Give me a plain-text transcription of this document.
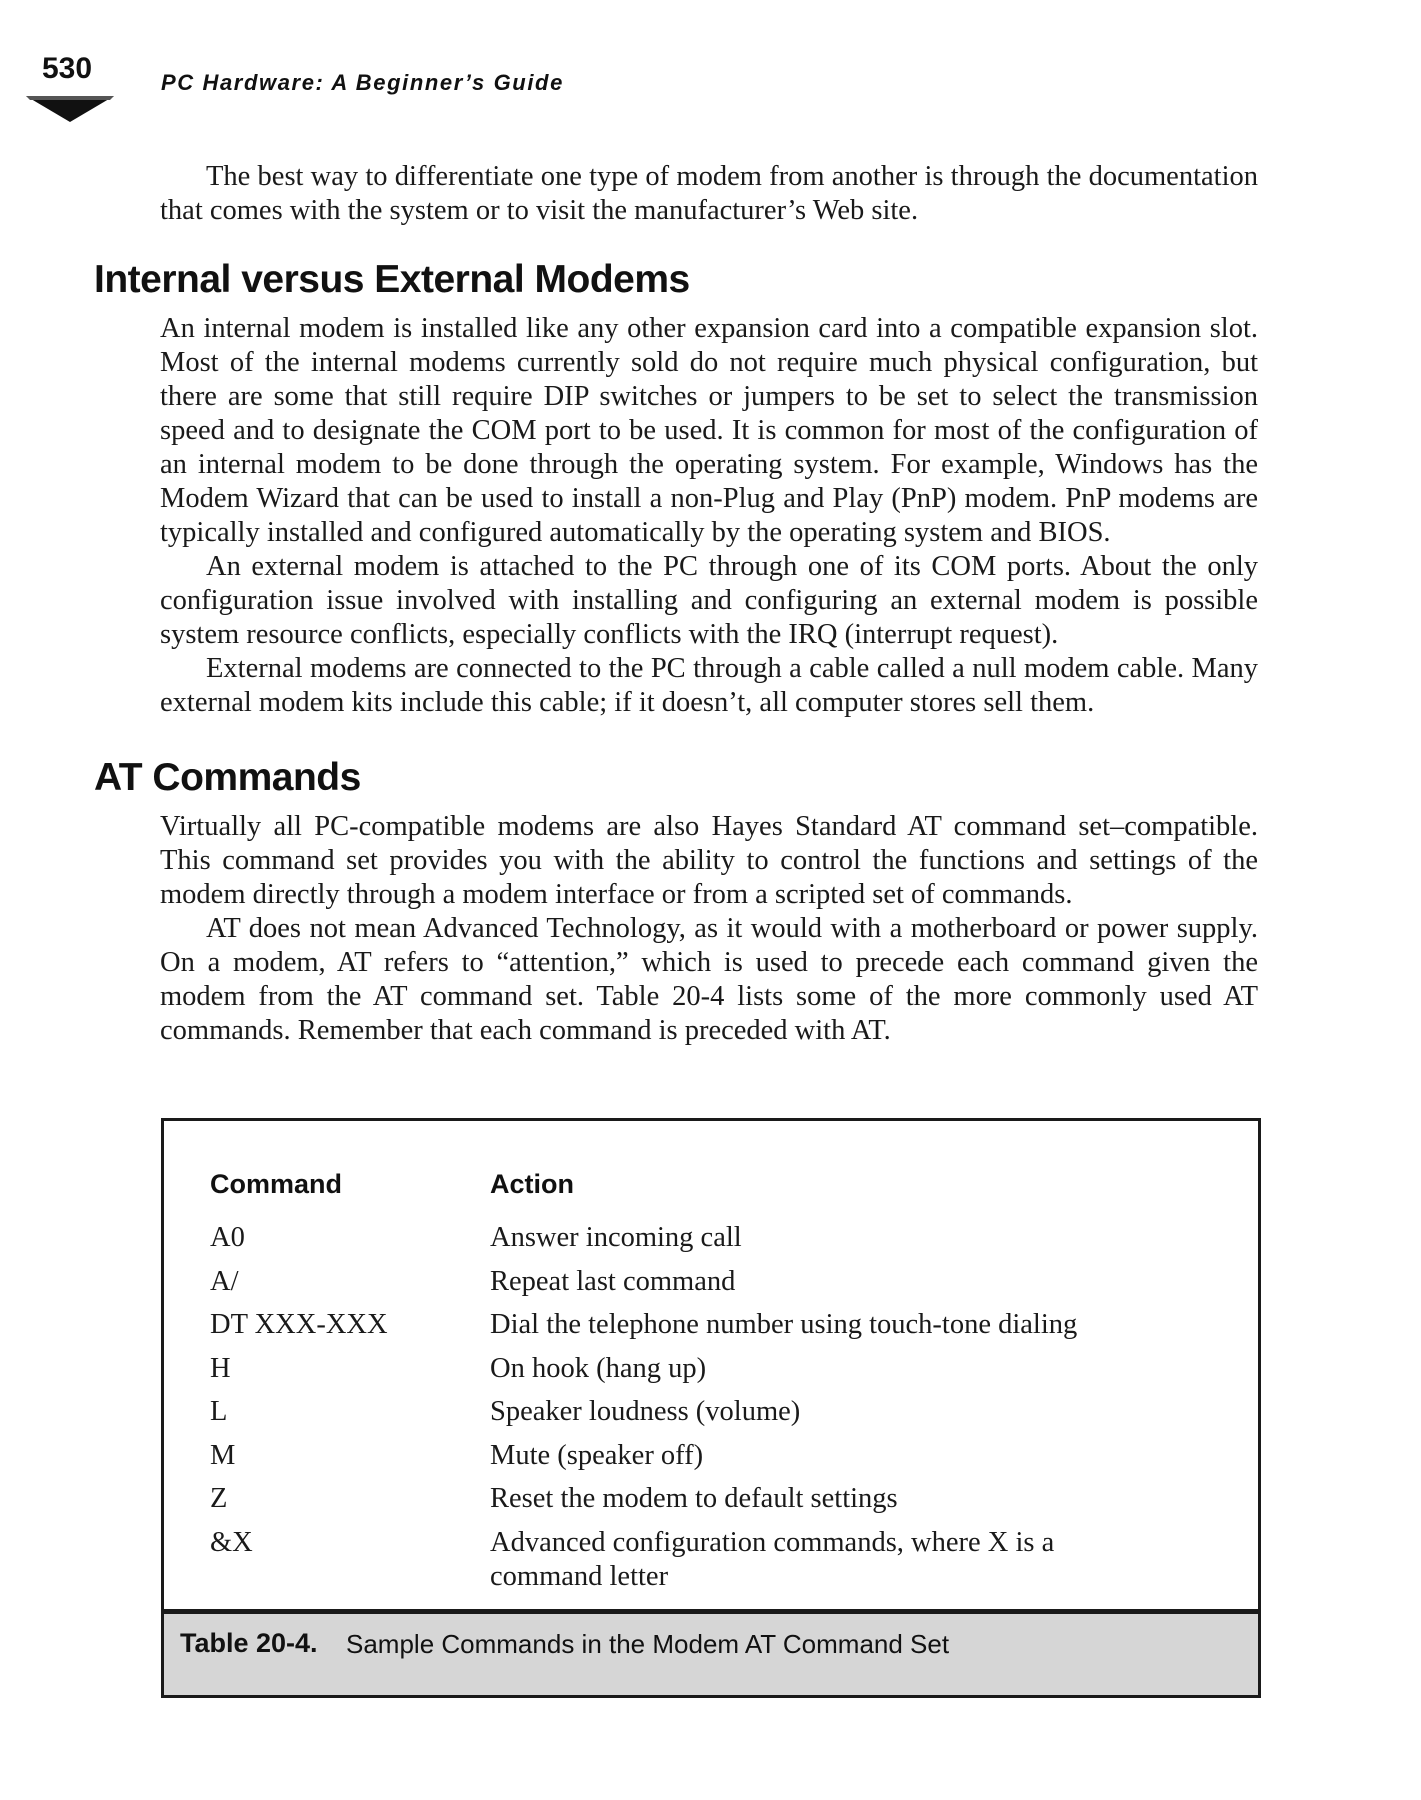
530	PC Hardware: A Beginner’s Guide

The best way to differentiate one type of modem from another is through the documentation that comes with the system or to visit the manufacturer’s Web site.

Internal versus External Modems

An internal modem is installed like any other expansion card into a compatible expansion slot. Most of the internal modems currently sold do not require much physical configuration, but there are some that still require DIP switches or jumpers to be set to select the transmission speed and to designate the COM port to be used. It is common for most of the configuration of an internal modem to be done through the operating system. For example, Windows has the Modem Wizard that can be used to install a non-Plug and Play (PnP) modem. PnP modems are typically installed and configured automatically by the operating system and BIOS.

An external modem is attached to the PC through one of its COM ports. About the only configuration issue involved with installing and configuring an external modem is possible system resource conflicts, especially conflicts with the IRQ (interrupt request).

External modems are connected to the PC through a cable called a null modem cable. Many external modem kits include this cable; if it doesn’t, all computer stores sell them.

AT Commands

Virtually all PC-compatible modems are also Hayes Standard AT command set–compatible. This command set provides you with the ability to control the functions and settings of the modem directly through a modem interface or from a scripted set of commands.

AT does not mean Advanced Technology, as it would with a motherboard or power supply. On a modem, AT refers to “attention,” which is used to precede each command given the modem from the AT command set. Table 20-4 lists some of the more commonly used AT commands. Remember that each command is preceded with AT.

Command	Action
A0	Answer incoming call
A/	Repeat last command
DT XXX-XXX	Dial the telephone number using touch-tone dialing
H	On hook (hang up)
L	Speaker loudness (volume)
M	Mute (speaker off)
Z	Reset the modem to default settings
&X	Advanced configuration commands, where X is a command letter
Table 20-4. Sample Commands in the Modem AT Command Set
